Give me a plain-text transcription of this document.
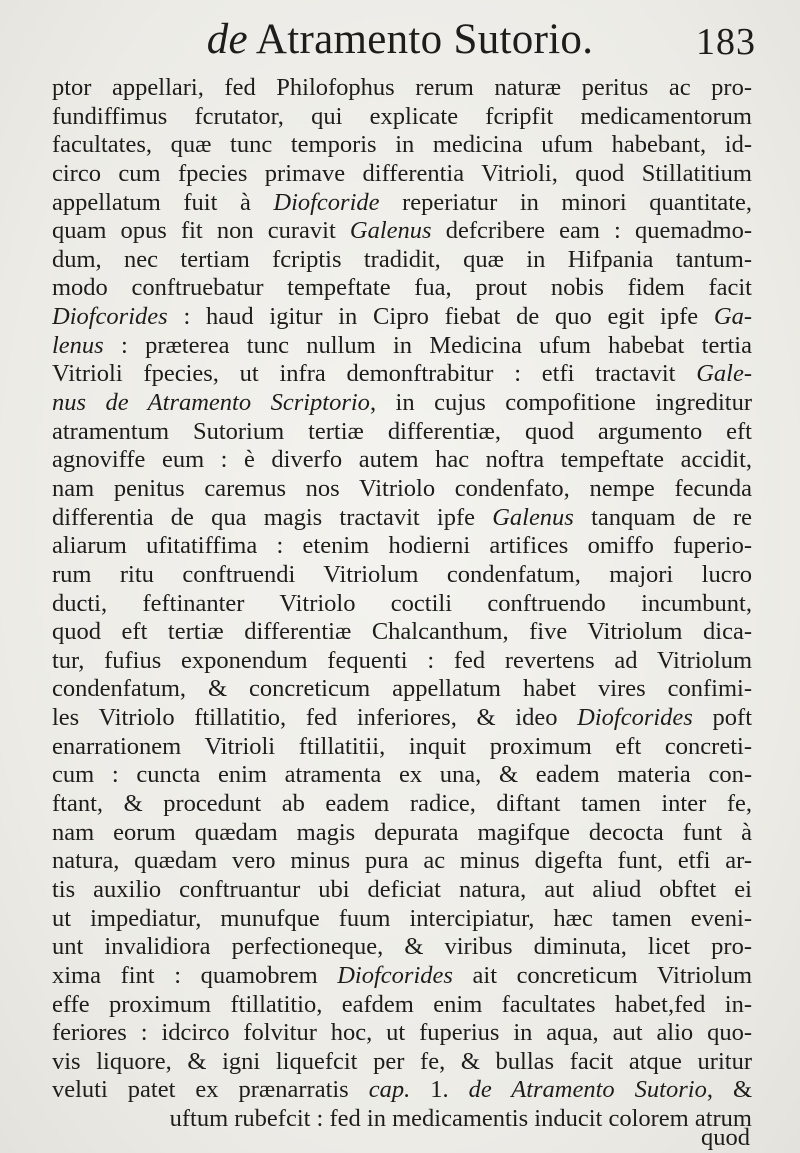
de Atramento Sutorio.	183
ptor appellari, fed Philofophus rerum naturæ peritus ac pro-
fundiffimus fcrutator, qui explicate fcripfit medicamentorum
facultates, quæ tunc temporis in medicina ufum habebant, id-
circo cum fpecies primave differentia Vitrioli, quod Stillatitium
appellatum fuit à Diofcoride reperiatur in minori quantitate,
quam opus fit non curavit Galenus defcribere eam : quemadmo-
dum, nec tertiam fcriptis tradidit, quæ in Hifpania tantum-
modo conftruebatur tempeftate fua, prout nobis fidem facit
Diofcorides : haud igitur in Cipro fiebat de quo egit ipfe Ga-
lenus : præterea tunc nullum in Medicina ufum habebat tertia
Vitrioli fpecies, ut infra demonftrabitur : etfi tractavit Gale-
nus de Atramento Scriptorio, in cujus compofitione ingreditur
atramentum Sutorium tertiæ differentiæ, quod argumento eft
agnoviffe eum : è diverfo autem hac noftra tempeftate accidit,
nam penitus caremus nos Vitriolo condenfato, nempe fecunda
differentia de qua magis tractavit ipfe Galenus tanquam de re
aliarum ufitatiffima : etenim hodierni artifices omiffo fuperio-
rum ritu conftruendi Vitriolum condenfatum, majori lucro
ducti, feftinanter Vitriolo coctili conftruendo incumbunt,
quod eft tertiæ differentiæ Chalcanthum, five Vitriolum dica-
tur, fufius exponendum fequenti : fed revertens ad Vitriolum
condenfatum, & concreticum appellatum habet vires confimi-
les Vitriolo ftillatitio, fed inferiores, & ideo Diofcorides poft
enarrationem Vitrioli ftillatitii, inquit proximum eft concreti-
cum : cuncta enim atramenta ex una, & eadem materia con-
ftant, & procedunt ab eadem radice, diftant tamen inter fe,
nam eorum quædam magis depurata magifque decocta funt à
natura, quædam vero minus pura ac minus digefta funt, etfi ar-
tis auxilio conftruantur ubi deficiat natura, aut aliud obftet ei
ut impediatur, munufque fuum intercipiatur, hæc tamen eveni-
unt invalidiora perfectioneque, & viribus diminuta, licet pro-
xima fint : quamobrem Diofcorides ait concreticum Vitriolum
effe proximum ftillatitio, eafdem enim facultates habet,fed in-
feriores : idcirco folvitur hoc, ut fuperius in aqua, aut alio quo-
vis liquore, & igni liquefcit per fe, & bullas facit atque uritur
veluti patet ex prænarratis cap. 1. de Atramento Sutorio, &
uftum rubefcit : fed in medicamentis inducit colorem atrum
quod
